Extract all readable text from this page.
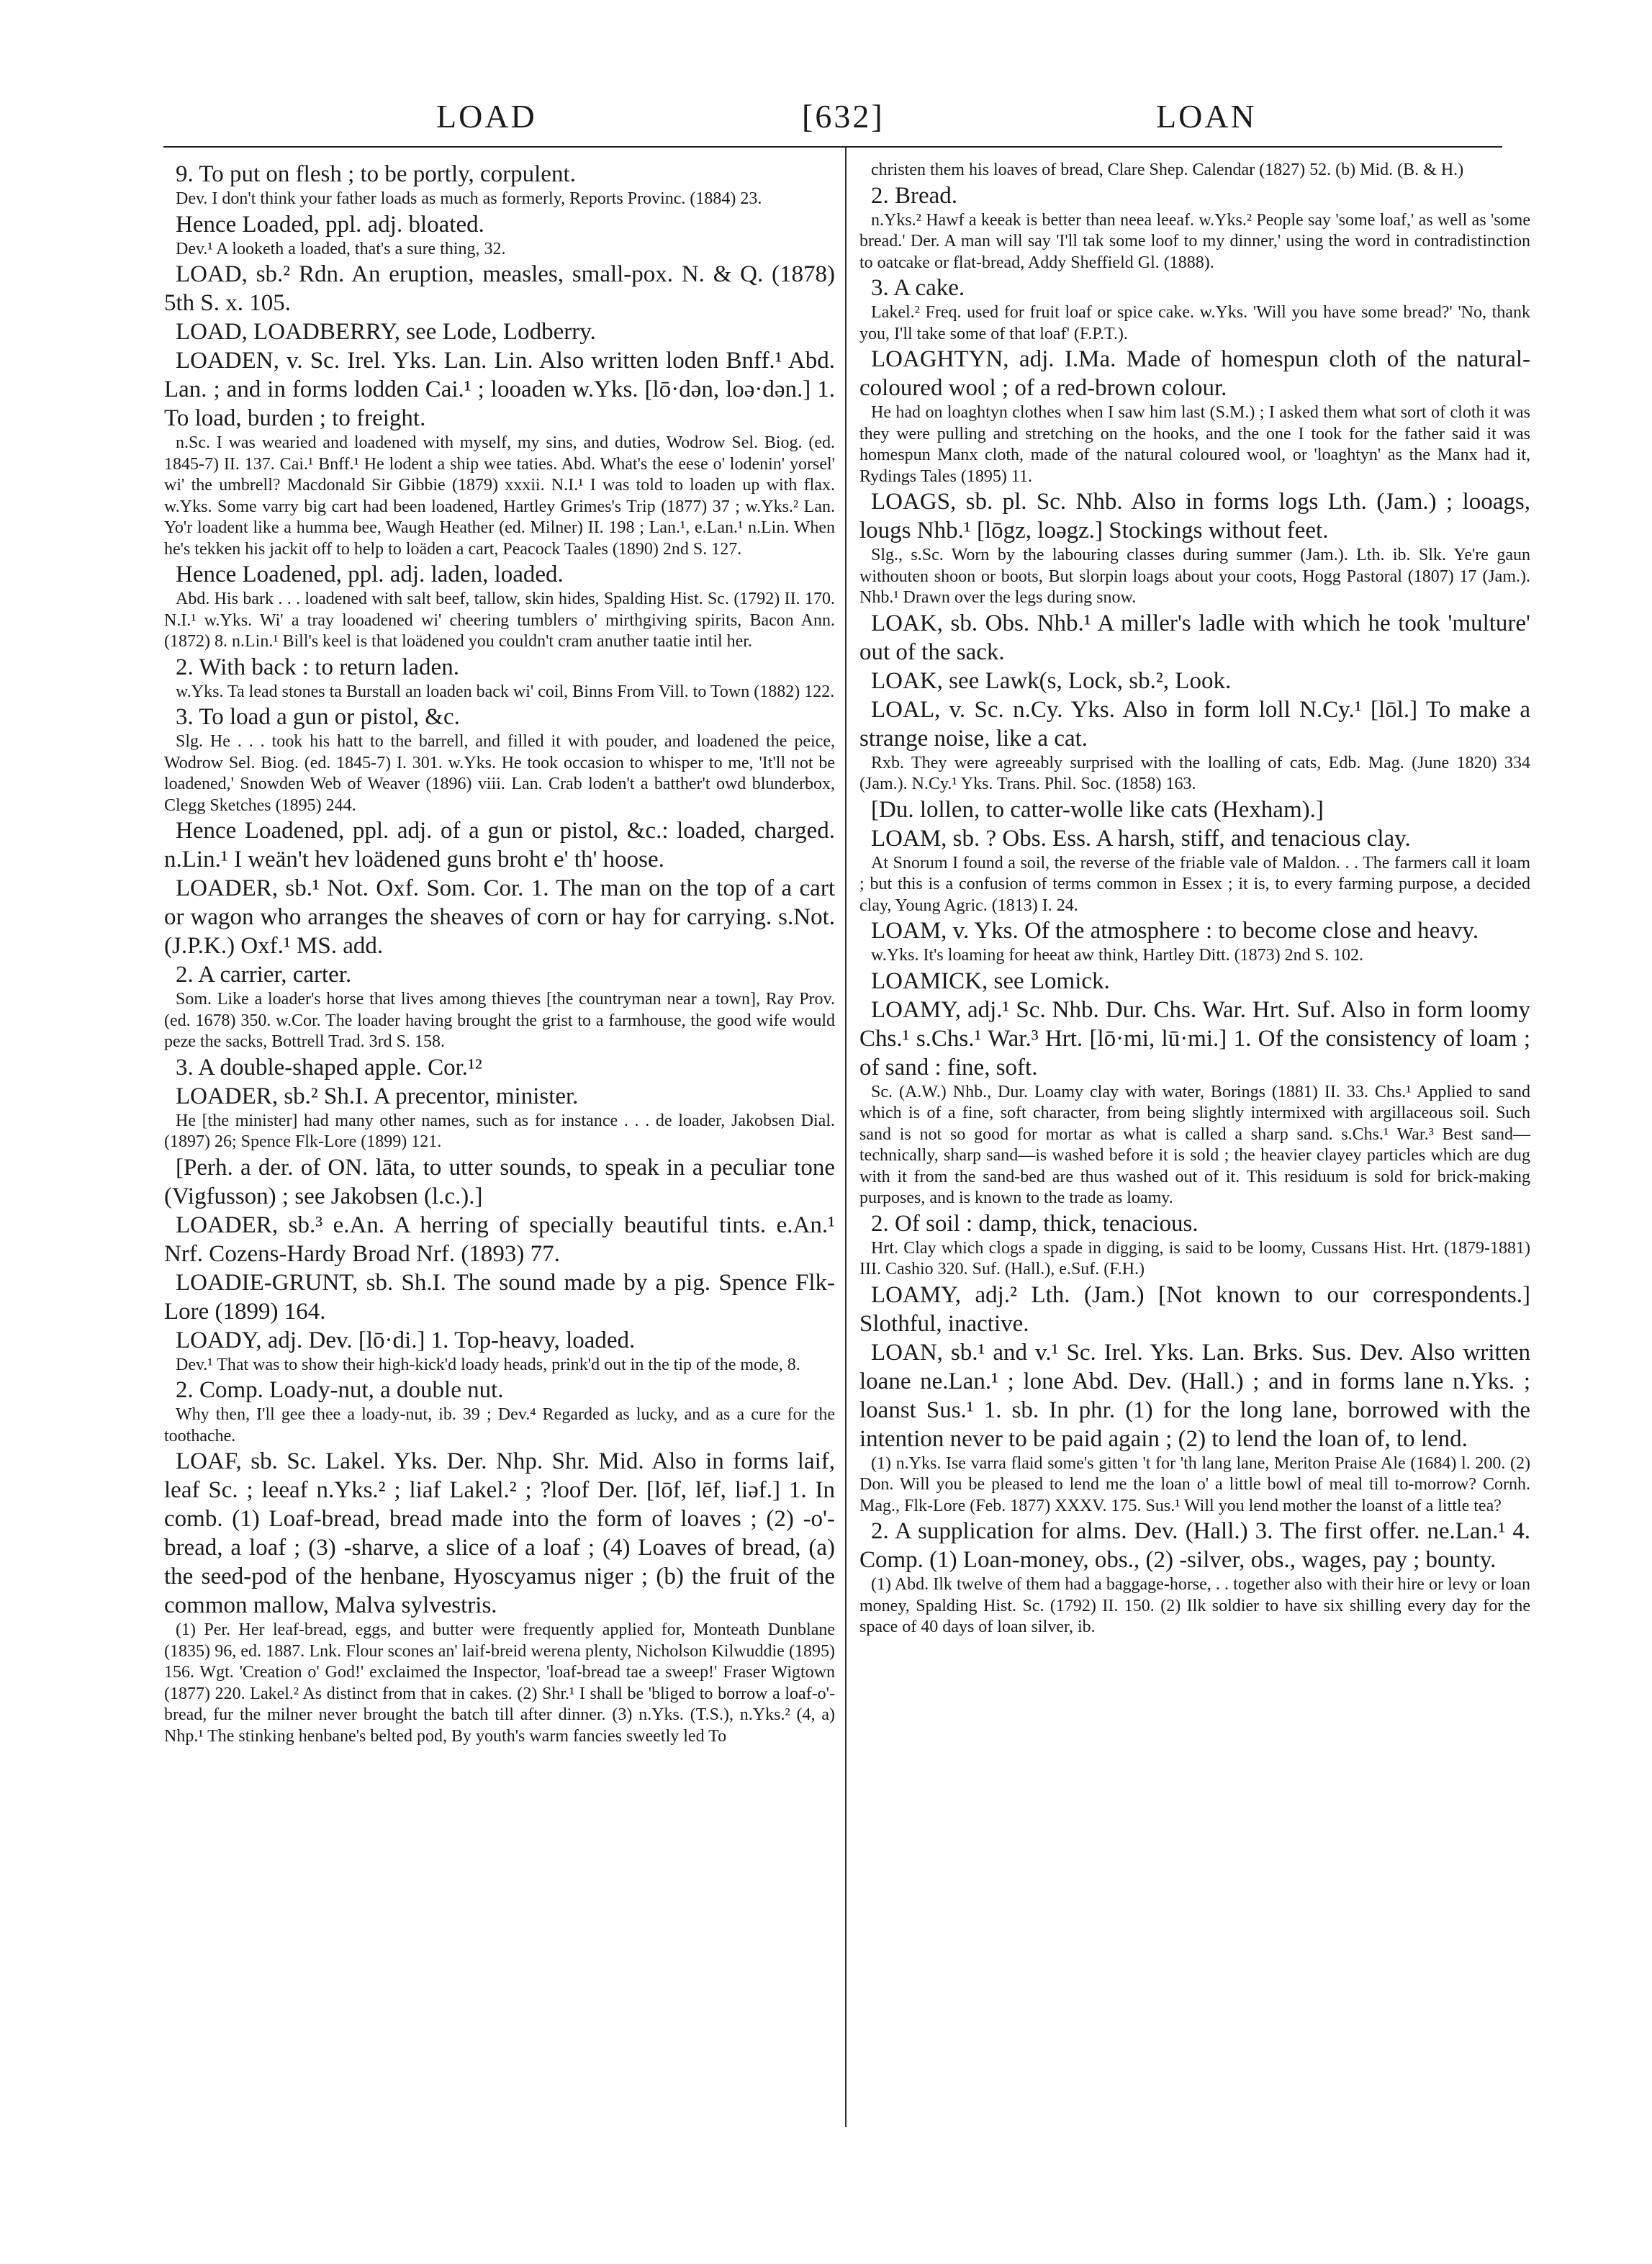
LOAD	[632]	LOAN

9. To put on flesh ; to be portly, corpulent.

Dev. I don't think your father loads as much as formerly, Reports Provinc. (1884) 23.

Hence Loaded, ppl. adj. bloated.

Dev.¹ A looketh a loaded, that's a sure thing, 32.

LOAD, sb.² Rdn. An eruption, measles, small-pox. N. & Q. (1878) 5th S. x. 105.

LOAD, LOADBERRY, see Lode, Lodberry.

LOADEN, v. Sc. Irel. Yks. Lan. Lin. Also written loden Bnff.¹ Abd. Lan. ; and in forms lodden Cai.¹ ; looaden w.Yks. [lō·dən, loə·dən.] 1. To load, burden ; to freight.

n.Sc. I was wearied and loadened with myself, my sins, and duties, Wodrow Sel. Biog. (ed. 1845-7) II. 137. Cai.¹ Bnff.¹ He lodent a ship wee taties. Abd. What's the eese o' lodenin' yorsel' wi' the umbrell? Macdonald Sir Gibbie (1879) xxxii. N.I.¹ I was told to loaden up with flax. w.Yks. Some varry big cart had been loadened, Hartley Grimes's Trip (1877) 37 ; w.Yks.² Lan. Yo'r loadent like a humma bee, Waugh Heather (ed. Milner) II. 198 ; Lan.¹, e.Lan.¹ n.Lin. When he's tekken his jackit off to help to loäden a cart, Peacock Taales (1890) 2nd S. 127.

Hence Loadened, ppl. adj. laden, loaded.

Abd. His bark . . . loadened with salt beef, tallow, skin hides, Spalding Hist. Sc. (1792) II. 170. N.I.¹ w.Yks. Wi' a tray looadened wi' cheering tumblers o' mirthgiving spirits, Bacon Ann. (1872) 8. n.Lin.¹ Bill's keel is that loädened you couldn't cram anuther taatie intil her.

2. With back : to return laden.

w.Yks. Ta lead stones ta Burstall an loaden back wi' coil, Binns From Vill. to Town (1882) 122.

3. To load a gun or pistol, &c.

Slg. He . . . took his hatt to the barrell, and filled it with pouder, and loadened the peice, Wodrow Sel. Biog. (ed. 1845-7) I. 301. w.Yks. He took occasion to whisper to me, 'It'll not be loadened,' Snowden Web of Weaver (1896) viii. Lan. Crab loden't a batther't owd blunderbox, Clegg Sketches (1895) 244.

Hence Loadened, ppl. adj. of a gun or pistol, &c.: loaded, charged. n.Lin.¹ I weän't hev loädened guns broht e' th' hoose.

LOADER, sb.¹ Not. Oxf. Som. Cor. 1. The man on the top of a cart or wagon who arranges the sheaves of corn or hay for carrying. s.Not. (J.P.K.) Oxf.¹ MS. add.

2. A carrier, carter.

Som. Like a loader's horse that lives among thieves [the countryman near a town], Ray Prov. (ed. 1678) 350. w.Cor. The loader having brought the grist to a farmhouse, the good wife would peze the sacks, Bottrell Trad. 3rd S. 158.

3. A double-shaped apple. Cor.¹²

LOADER, sb.² Sh.I. A precentor, minister.

He [the minister] had many other names, such as for instance . . . de loader, Jakobsen Dial. (1897) 26; Spence Flk-Lore (1899) 121.

[Perh. a der. of ON. lāta, to utter sounds, to speak in a peculiar tone (Vigfusson) ; see Jakobsen (l.c.).]

LOADER, sb.³ e.An. A herring of specially beautiful tints. e.An.¹ Nrf. Cozens-Hardy Broad Nrf. (1893) 77.

LOADIE-GRUNT, sb. Sh.I. The sound made by a pig. Spence Flk-Lore (1899) 164.

LOADY, adj. Dev. [lō·di.] 1. Top-heavy, loaded.

Dev.¹ That was to show their high-kick'd loady heads, prink'd out in the tip of the mode, 8.

2. Comp. Loady-nut, a double nut.

Why then, I'll gee thee a loady-nut, ib. 39 ; Dev.⁴ Regarded as lucky, and as a cure for the toothache.

LOAF, sb. Sc. Lakel. Yks. Der. Nhp. Shr. Mid. Also in forms laif, leaf Sc. ; leeaf n.Yks.² ; liaf Lakel.² ; ?loof Der. [lōf, lēf, liəf.] 1. In comb. (1) Loaf-bread, bread made into the form of loaves ; (2) -o'-bread, a loaf ; (3) -sharve, a slice of a loaf ; (4) Loaves of bread, (a) the seed-pod of the henbane, Hyoscyamus niger ; (b) the fruit of the common mallow, Malva sylvestris.

(1) Per. Her leaf-bread, eggs, and butter were frequently applied for, Monteath Dunblane (1835) 96, ed. 1887. Lnk. Flour scones an' laif-breid werena plenty, Nicholson Kilwuddie (1895) 156. Wgt. 'Creation o' God!' exclaimed the Inspector, 'loaf-bread tae a sweep!' Fraser Wigtown (1877) 220. Lakel.² As distinct from that in cakes. (2) Shr.¹ I shall be 'bliged to borrow a loaf-o'-bread, fur the milner never brought the batch till after dinner. (3) n.Yks. (T.S.), n.Yks.² (4, a) Nhp.¹ The stinking henbane's belted pod, By youth's warm fancies sweetly led To

christen them his loaves of bread, Clare Shep. Calendar (1827) 52. (b) Mid. (B. & H.)

2. Bread.

n.Yks.² Hawf a keeak is better than neea leeaf. w.Yks.² People say 'some loaf,' as well as 'some bread.' Der. A man will say 'I'll tak some loof to my dinner,' using the word in contradistinction to oatcake or flat-bread, Addy Sheffield Gl. (1888).

3. A cake.

Lakel.² Freq. used for fruit loaf or spice cake. w.Yks. 'Will you have some bread?' 'No, thank you, I'll take some of that loaf' (F.P.T.).

LOAGHTYN, adj. I.Ma. Made of homespun cloth of the natural-coloured wool ; of a red-brown colour.

He had on loaghtyn clothes when I saw him last (S.M.) ; I asked them what sort of cloth it was they were pulling and stretching on the hooks, and the one I took for the father said it was homespun Manx cloth, made of the natural coloured wool, or 'loaghtyn' as the Manx had it, Rydings Tales (1895) 11.

LOAGS, sb. pl. Sc. Nhb. Also in forms logs Lth. (Jam.) ; looags, lougs Nhb.¹ [lōgz, loəgz.] Stockings without feet.

Slg., s.Sc. Worn by the labouring classes during summer (Jam.). Lth. ib. Slk. Ye're gaun withouten shoon or boots, But slorpin loags about your coots, Hogg Pastoral (1807) 17 (Jam.). Nhb.¹ Drawn over the legs during snow.

LOAK, sb. Obs. Nhb.¹ A miller's ladle with which he took 'multure' out of the sack.

LOAK, see Lawk(s, Lock, sb.², Look.

LOAL, v. Sc. n.Cy. Yks. Also in form loll N.Cy.¹ [lōl.] To make a strange noise, like a cat.

Rxb. They were agreeably surprised with the loalling of cats, Edb. Mag. (June 1820) 334 (Jam.). N.Cy.¹ Yks. Trans. Phil. Soc. (1858) 163.

[Du. lollen, to catter-wolle like cats (Hexham).]

LOAM, sb. ? Obs. Ess. A harsh, stiff, and tenacious clay.

At Snorum I found a soil, the reverse of the friable vale of Maldon. . . The farmers call it loam ; but this is a confusion of terms common in Essex ; it is, to every farming purpose, a decided clay, Young Agric. (1813) I. 24.

LOAM, v. Yks. Of the atmosphere : to become close and heavy.

w.Yks. It's loaming for heeat aw think, Hartley Ditt. (1873) 2nd S. 102.

LOAMICK, see Lomick.

LOAMY, adj.¹ Sc. Nhb. Dur. Chs. War. Hrt. Suf. Also in form loomy Chs.¹ s.Chs.¹ War.³ Hrt. [lō·mi, lū·mi.] 1. Of the consistency of loam ; of sand : fine, soft.

Sc. (A.W.) Nhb., Dur. Loamy clay with water, Borings (1881) II. 33. Chs.¹ Applied to sand which is of a fine, soft character, from being slightly intermixed with argillaceous soil. Such sand is not so good for mortar as what is called a sharp sand. s.Chs.¹ War.³ Best sand—technically, sharp sand—is washed before it is sold ; the heavier clayey particles which are dug with it from the sand-bed are thus washed out of it. This residuum is sold for brick-making purposes, and is known to the trade as loamy.

2. Of soil : damp, thick, tenacious.

Hrt. Clay which clogs a spade in digging, is said to be loomy, Cussans Hist. Hrt. (1879-1881) III. Cashio 320. Suf. (Hall.), e.Suf. (F.H.)

LOAMY, adj.² Lth. (Jam.) [Not known to our correspondents.] Slothful, inactive.

LOAN, sb.¹ and v.¹ Sc. Irel. Yks. Lan. Brks. Sus. Dev. Also written loane ne.Lan.¹ ; lone Abd. Dev. (Hall.) ; and in forms lane n.Yks. ; loanst Sus.¹ 1. sb. In phr. (1) for the long lane, borrowed with the intention never to be paid again ; (2) to lend the loan of, to lend.

(1) n.Yks. Ise varra flaid some's gitten 't for 'th lang lane, Meriton Praise Ale (1684) l. 200. (2) Don. Will you be pleased to lend me the loan o' a little bowl of meal till to-morrow? Cornh. Mag., Flk-Lore (Feb. 1877) XXXV. 175. Sus.¹ Will you lend mother the loanst of a little tea?

2. A supplication for alms. Dev. (Hall.) 3. The first offer. ne.Lan.¹ 4. Comp. (1) Loan-money, obs., (2) -silver, obs., wages, pay ; bounty.

(1) Abd. Ilk twelve of them had a baggage-horse, . . together also with their hire or levy or loan money, Spalding Hist. Sc. (1792) II. 150. (2) Ilk soldier to have six shilling every day for the space of 40 days of loan silver, ib.
